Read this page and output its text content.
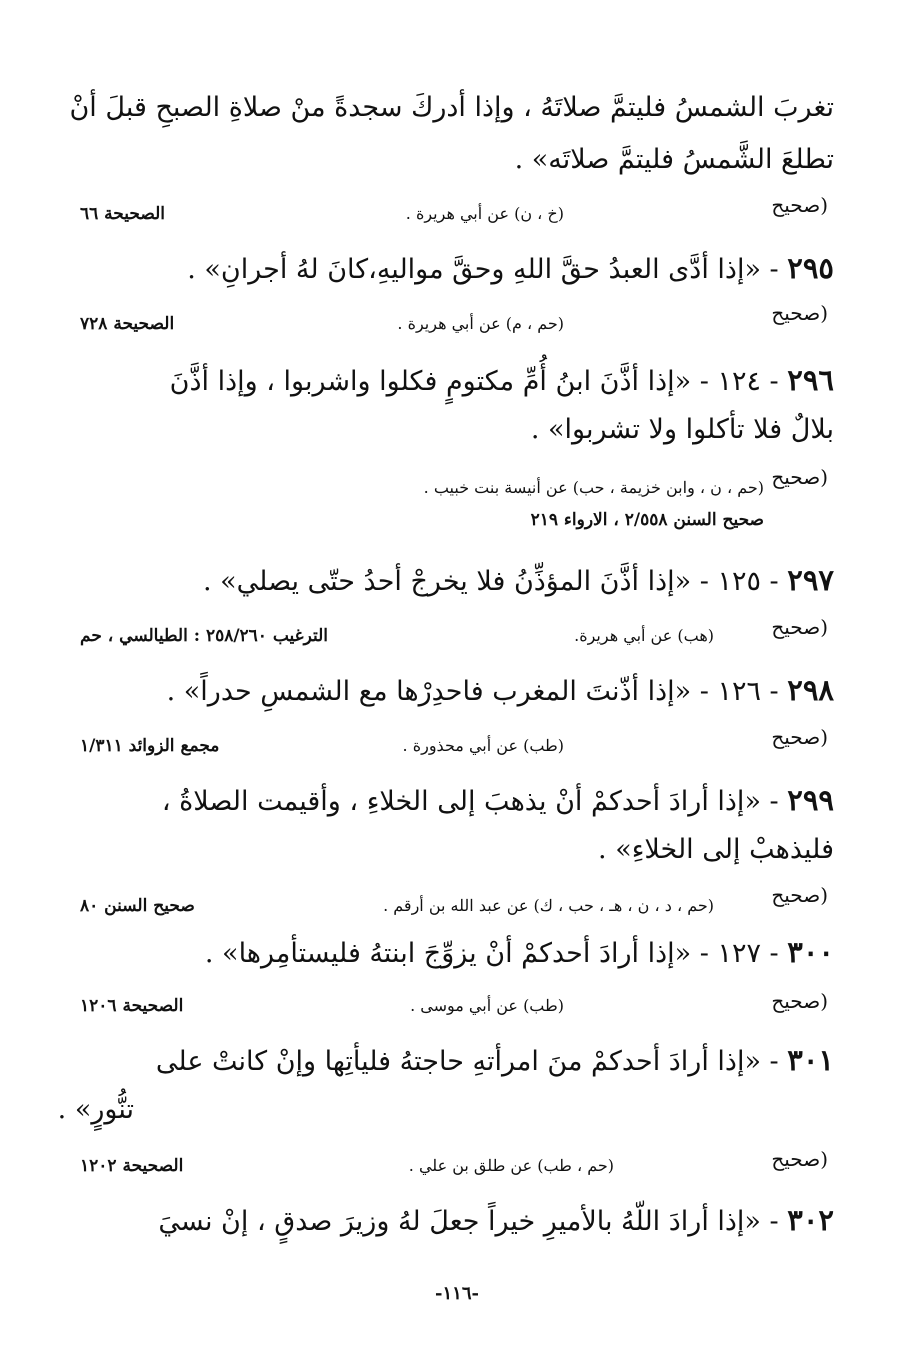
تغربَ الشمسُ فليتمَّ صلاتَهُ ، وإذا أدركَ سجدةً منْ صلاةِ الصبحِ قبلَ أنْ
تطلعَ الشَّمسُ فليتمَّ صلاتَه» .
(صحيح
(خ ، ن) عن أبي هريرة .
الصحيحة ٦٦
٢٩٥ - «إذا أدَّى العبدُ حقَّ اللهِ وحقَّ مواليهِ،كانَ لهُ أجرانِ» .
(صحيح
(حم ، م) عن أبي هريرة .
الصحيحة ٧٢٨
٢٩٦ - ١٢٤ - «إذا أذَّنَ ابنُ أُمِّ مكتومٍ فكلوا واشربوا ، وإذا أذَّنَ
بلالٌ فلا تأكلوا ولا تشربوا» .
(صحيح
(حم ، ن ، وابن خزيمة ، حب) عن أنيسة بنت خبيب .
صحيح السنن ٢/٥٥٨ ، الارواء ٢١٩
٢٩٧ - ١٢٥ - «إذا أذَّنَ المؤذِّنُ فلا يخرجْ أحدُ حتّى يصلي» .
(صحيح
(هب) عن أبي هريرة.
الترغيب ٢٥٨/٢٦٠ : الطيالسي ، حم
٢٩٨ - ١٢٦ - «إذا أذّنتَ المغرب فاحدِرْها مع الشمسِ حدراً» .
(صحيح
(طب) عن أبي محذورة .
مجمع الزوائد ١/٣١١
٢٩٩ - «إذا أرادَ أحدكمْ أنْ يذهبَ إلى الخلاءِ ، وأقيمت الصلاةُ ،
فليذهبْ إلى الخلاءِ» .
(صحيح
(حم ، د ، ن ، هـ ، حب ، ك) عن عبد الله بن أرقم .
صحيح السنن ٨٠
٣٠٠ - ١٢٧ - «إذا أرادَ أحدكمْ أنْ يزوِّجَ ابنتهُ فليستأمِرها» .
(صحيح
(طب) عن أبي موسى .
الصحيحة ١٢٠٦
٣٠١ - «إذا أرادَ أحدكمْ منَ امرأتهِ حاجتهُ فليأتِها وإنْ كانتْ على
تنُّورٍ» .
(صحيح
(حم ، طب) عن طلق بن علي .
الصحيحة ١٢٠٢
٣٠٢ - «إذا أرادَ اللّهُ بالأميرِ خيراً جعلَ لهُ وزيرَ صدقٍ ، إنْ نسيَ
-١١٦-
